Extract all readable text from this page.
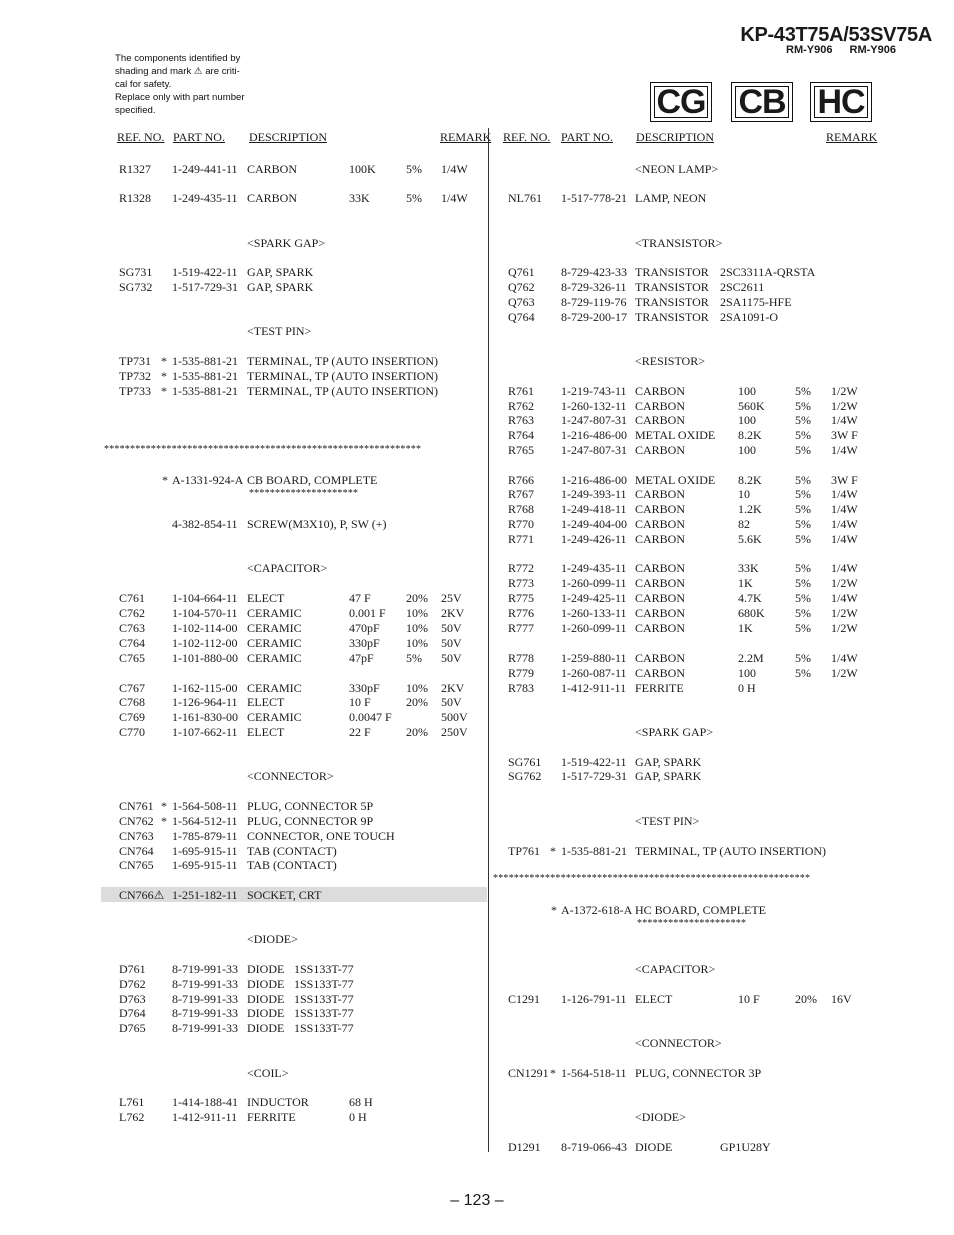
KP-43T75A/53SV75A
RM-Y906 RM-Y906
The components identified by
shading and mark ⚠ are criti-
cal for safety.
Replace only with part number
specified.	CG CB HC
REF. NO. PART NO. DESCRIPTION	REMARK REF. NO. PART NO. DESCRIPTION	REMARK
*************************************************************
*********************
*************************************************************
*********************
R1327 1-249-441-11 CARBON	100K	5% 1/4W
R1328 1-249-435-11 CARBON	33K	5% 1/4W
<SPARK GAP>
SG731 1-519-422-11 GAP, SPARK
SG732 1-517-729-31 GAP, SPARK
<TEST PIN>
TP731 * 1-535-881-21 TERMINAL, TP (AUTO INSERTION)
TP732 * 1-535-881-21 TERMINAL, TP (AUTO INSERTION)
TP733 * 1-535-881-21 TERMINAL, TP (AUTO INSERTION)
* A-1331-924-A CB BOARD, COMPLETE
4-382-854-11 SCREW(M3X10), P, SW (+)
<CAPACITOR>
C761 1-104-664-11 ELECT	47 F	20% 25V
C762 1-104-570-11 CERAMIC	0.001 F 10% 2KV
C763 1-102-114-00 CERAMIC	470pF 10% 50V
C764 1-102-112-00 CERAMIC	330pF 10% 50V
C765 1-101-880-00 CERAMIC	47pF	5% 50V
C767 1-162-115-00 CERAMIC	330pF 10% 2KV
C768 1-126-964-11 ELECT	10 F	20% 50V
C769 1-161-830-00 CERAMIC	0.0047 F	500V
C770 1-107-662-11 ELECT	22 F	20% 250V
<CONNECTOR>
CN761 * 1-564-508-11 PLUG, CONNECTOR 5P
CN762 * 1-564-512-11 PLUG, CONNECTOR 9P
CN763 1-785-879-11 CONNECTOR, ONE TOUCH
CN764 1-695-915-11 TAB (CONTACT)
CN765 1-695-915-11 TAB (CONTACT)
CN766⚠ 1-251-182-11 SOCKET, CRT
<DIODE>
D761 8-719-991-33 DIODE 1SS133T-77
D762 8-719-991-33 DIODE 1SS133T-77
D763 8-719-991-33 DIODE 1SS133T-77
D764 8-719-991-33 DIODE 1SS133T-77
D765 8-719-991-33 DIODE 1SS133T-77
<COIL>
L761 1-414-188-41 INDUCTOR	68 H
L762 1-412-911-11 FERRITE	0 H
<NEON LAMP>
NL761 1-517-778-21 LAMP, NEON
<TRANSISTOR>
Q761 8-729-423-33 TRANSISTOR 2SC3311A-QRSTA
Q762 8-729-326-11 TRANSISTOR 2SC2611
Q763 8-729-119-76 TRANSISTOR 2SA1175-HFE
Q764 8-729-200-17 TRANSISTOR 2SA1091-O
<RESISTOR>
R761 1-219-743-11 CARBON	100	5% 1/2W
R762 1-260-132-11 CARBON	560K	5% 1/2W
R763 1-247-807-31 CARBON	100	5% 1/4W
R764 1-216-486-00 METAL OXIDE 8.2K	5% 3W F
R765 1-247-807-31 CARBON	100	5% 1/4W
R766 1-216-486-00 METAL OXIDE 8.2K	5% 3W F
R767 1-249-393-11 CARBON	10	5% 1/4W
R768 1-249-418-11 CARBON	1.2K	5% 1/4W
R770 1-249-404-00 CARBON	82	5% 1/4W
R771 1-249-426-11 CARBON	5.6K	5% 1/4W
R772 1-249-435-11 CARBON	33K	5% 1/4W
R773 1-260-099-11 CARBON	1K	5% 1/2W
R775 1-249-425-11 CARBON	4.7K	5% 1/4W
R776 1-260-133-11 CARBON	680K	5% 1/2W
R777 1-260-099-11 CARBON	1K	5% 1/2W
R778 1-259-880-11 CARBON	2.2M	5% 1/4W
R779 1-260-087-11 CARBON	100	5% 1/2W
R783 1-412-911-11 FERRITE	0 H
<SPARK GAP>
SG761 1-519-422-11 GAP, SPARK
SG762 1-517-729-31 GAP, SPARK
<TEST PIN>
TP761 * 1-535-881-21 TERMINAL, TP (AUTO INSERTION)
* A-1372-618-A HC BOARD, COMPLETE
<CAPACITOR>
C1291 1-126-791-11 ELECT	10 F	20% 16V
<CONNECTOR>
CN1291 * 1-564-518-11 PLUG, CONNECTOR 3P
<DIODE>
D1291 8-719-066-43 DIODE	GP1U28Y
– 123 –
